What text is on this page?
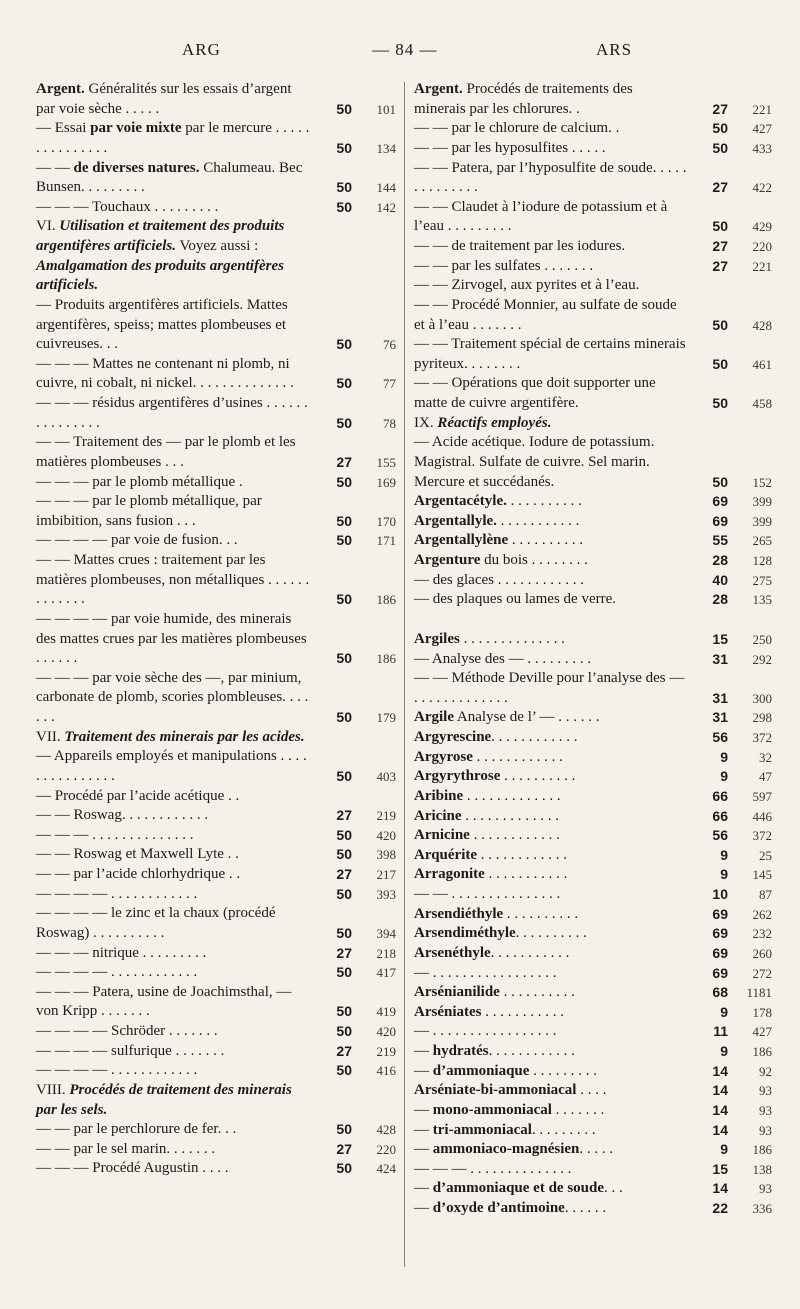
ARG	— 84 —	ARS
Argent. Généralités sur les essais d’argent par voie sèche . . . . .	50	101
— Essai par voie mixte par le mercure . . . . . . . . . . . . . . .	50	134
— — de diverses natures. Chalumeau. Bec Bunsen. . . . . . . . .	50	144
— — — Touchaux . . . . . . . . .	50	142
VI. Utilisation et traitement des produits argentifères artificiels. Voyez aussi : Amalgamation des produits argentifères artificiels.
— Produits argentifères artificiels. Mattes argentifères, speiss; mattes plombeuses et cuivreuses. . .	50	76
— — — Mattes ne contenant ni plomb, ni cuivre, ni cobalt, ni nickel. . . . . . . . . . . . . .	50	77
— — — résidus argentifères d’usines . . . . . . . . . . . . . . .	50	78
— — Traitement des — par le plomb et les matières plombeuses . . .	27	155
— — — par le plomb métallique .	50	169
— — — par le plomb métallique, par imbibition, sans fusion . . .	50	170
— — — — par voie de fusion. . .	50	171
— — Mattes crues : traitement par les matières plombeuses, non métalliques . . . . . . . . . . . . .	50	186
— — — — par voie humide, des minerais des mattes crues par les matières plombeuses . . . . . .	50	186
— — — par voie sèche des —, par minium, carbonate de plomb, scories plombleuses. . . . . . .	50	179
VII. Traitement des minerais par les acides.
— Appareils employés et manipulations . . . . . . . . . . . . . . .	50	403
— Procédé par l’acide acétique . .
— — Roswag. . . . . . . . . . . .	27	219
— — — . . . . . . . . . . . . . .	50	420
— — Roswag et Maxwell Lyte . .	50	398
— — par l’acide chlorhydrique . .	27	217
— — — — . . . . . . . . . . . .	50	393
— — — — le zinc et la chaux (procédé Roswag) . . . . . . . . . .	50	394
— — — nitrique . . . . . . . . .	27	218
— — — — . . . . . . . . . . . .	50	417
— — — Patera, usine de Joachimsthal, — von Kripp . . . . . . .	50	419
— — — — Schröder . . . . . . .	50	420
— — — — sulfurique . . . . . . .	27	219
— — — — . . . . . . . . . . . .	50	416
VIII. Procédés de traitement des minerais par les sels.
— — par le perchlorure de fer. . .	50	428
— — par le sel marin. . . . . . .	27	220
— — — Procédé Augustin . . . .	50	424
Argent. Procédés de traitements des minerais par les chlorures. .	27	221
— — par le chlorure de calcium. .	50	427
— — par les hyposulfites . . . . .	50	433
— — Patera, par l’hyposulfite de soude. . . . . . . . . . . . . .	27	422
— — Claudet à l’iodure de potassium et à l’eau . . . . . . . . .	50	429
— — de traitement par les iodures.	27	220
— — par les sulfates . . . . . . .	27	221
— — Zirvogel, aux pyrites et à l’eau.
— — Procédé Monnier, au sulfate de soude et à l’eau . . . . . . .	50	428
— — Traitement spécial de certains minerais pyriteux. . . . . . . .	50	461
— — Opérations que doit supporter une matte de cuivre argentifère.	50	458
IX. Réactifs employés.
— Acide acétique. Iodure de potassium. Magistral. Sulfate de cuivre. Sel marin. Mercure et succédanés.	50	152
Argentacétyle. . . . . . . . . . .	69	399
Argentallyle. . . . . . . . . . . .	69	399
Argentallylène . . . . . . . . . .	55	265
Argenture du bois . . . . . . . .	28	128
— des glaces . . . . . . . . . . . .	40	275
— des plaques ou lames de verre.	28	135
Argiles . . . . . . . . . . . . . .	15	250
— Analyse des — . . . . . . . . .	31	292
— — Méthode Deville pour l’analyse des — . . . . . . . . . . . . .	31	300
Argile Analyse de l’ — . . . . . .	31	298
Argyrescine. . . . . . . . . . . .	56	372
Argyrose . . . . . . . . . . . .	9	32
Argyrythrose . . . . . . . . . .	9	47
Aribine . . . . . . . . . . . . .	66	597
Aricine . . . . . . . . . . . . .	66	446
Arnicine . . . . . . . . . . . .	56	372
Arquérite . . . . . . . . . . . .	9	25
Arragonite . . . . . . . . . . .	9	145
— — . . . . . . . . . . . . . . .	10	87
Arsendiéthyle . . . . . . . . . .	69	262
Arsendiméthyle. . . . . . . . . .	69	232
Arsenéthyle. . . . . . . . . . .	69	260
— . . . . . . . . . . . . . . . . .	69	272
Arsénianilide . . . . . . . . . .	68	1181
Arséniates . . . . . . . . . . .	9	178
— . . . . . . . . . . . . . . . . .	11	427
— hydratés. . . . . . . . . . . .	9	186
— d’ammoniaque . . . . . . . . .	14	92
Arséniate-bi-ammoniacal . . . .	14	93
— mono-ammoniacal . . . . . . .	14	93
— tri-ammoniacal. . . . . . . . .	14	93
— ammoniaco-magnésien. . . . .	9	186
— — — . . . . . . . . . . . . . .	15	138
— d’ammoniaque et de soude. . .	14	93
— d’oxyde d’antimoine. . . . . .	22	336
